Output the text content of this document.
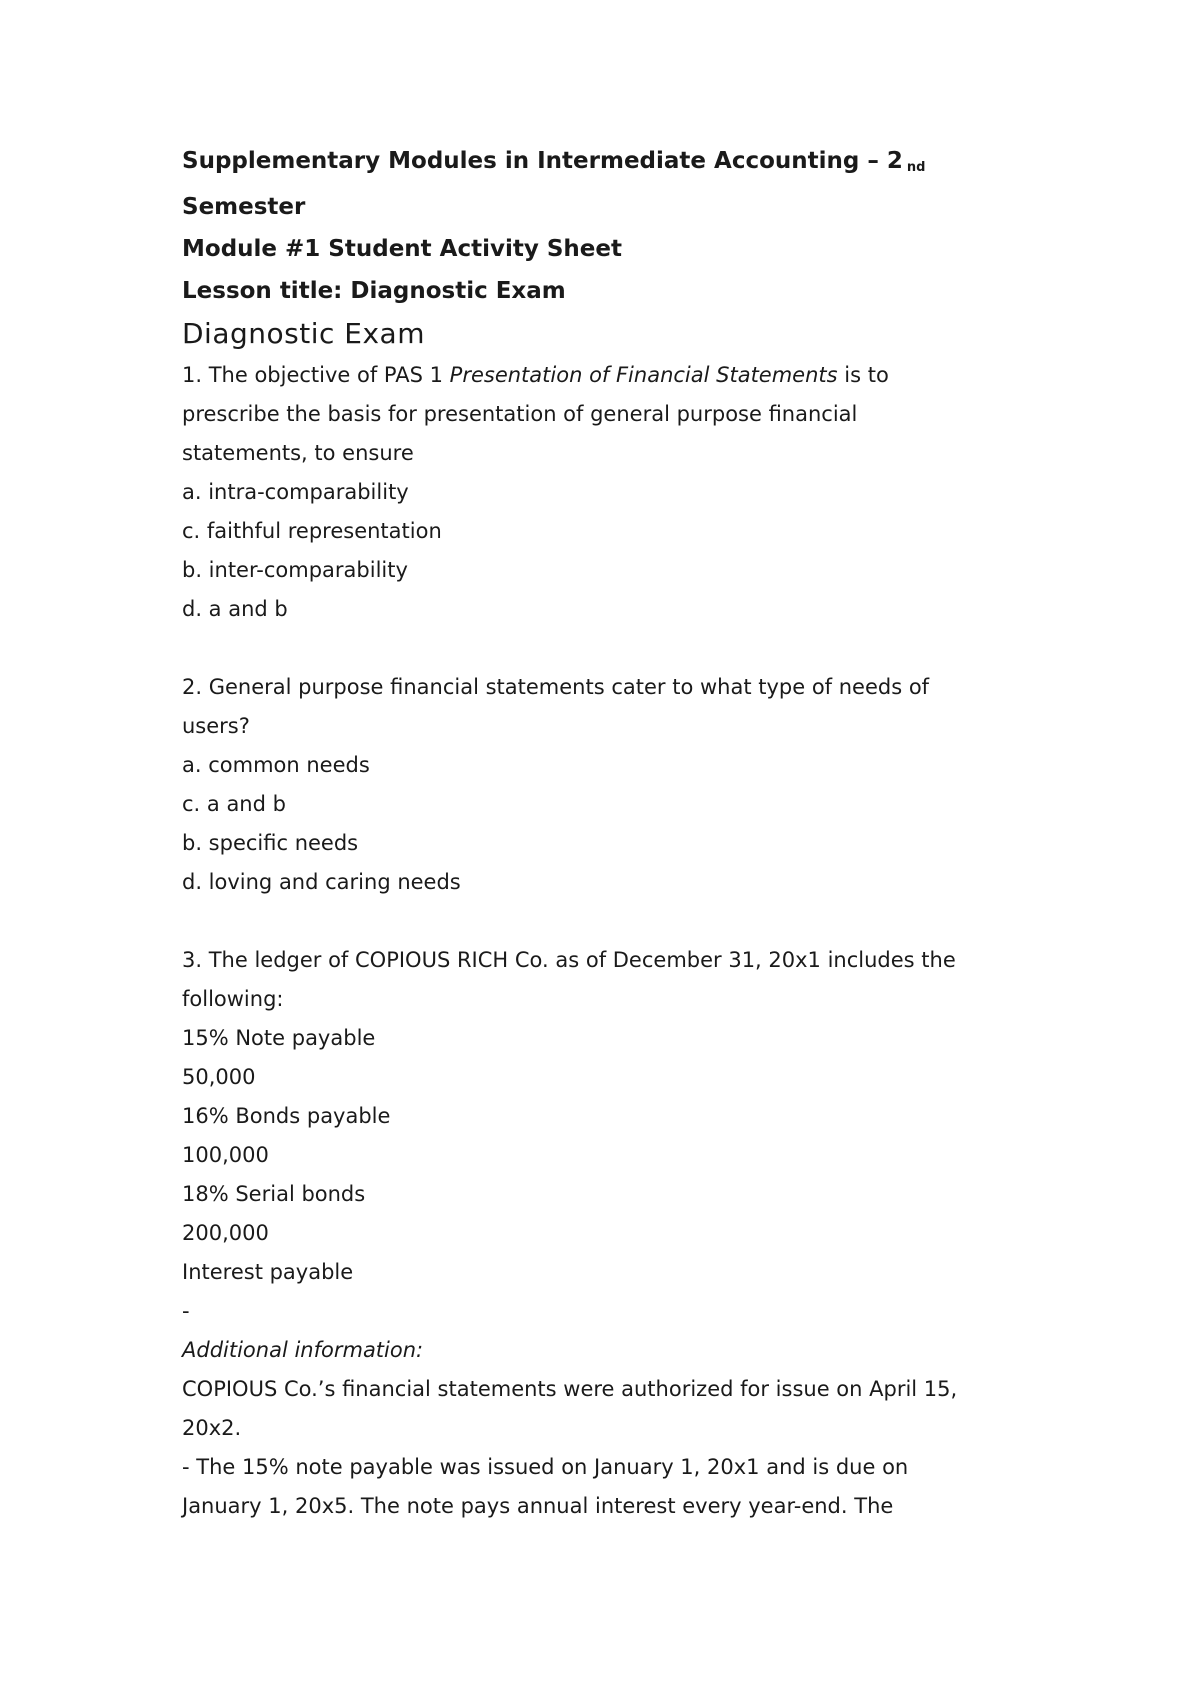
Supplementary Modules in Intermediate Accounting – 2 nd

Semester

Module #1 Student Activity Sheet

Lesson title: Diagnostic Exam

Diagnostic Exam

1. The objective of PAS 1 Presentation of Financial Statements is to

prescribe the basis for presentation of general purpose financial

statements, to ensure

a. intra-comparability

c. faithful representation

b. inter-comparability

d. a and b

2. General purpose financial statements cater to what type of needs of

users?

a. common needs

c. a and b

b. specific needs

d. loving and caring needs

3. The ledger of COPIOUS RICH Co. as of December 31, 20x1 includes the

following:

15% Note payable

50,000

16% Bonds payable

100,000

18% Serial bonds

200,000

Interest payable

-

Additional information:

COPIOUS Co.’s financial statements were authorized for issue on April 15,

20x2.

- The 15% note payable was issued on January 1, 20x1 and is due on

January 1, 20x5. The note pays annual interest every year-end. The
